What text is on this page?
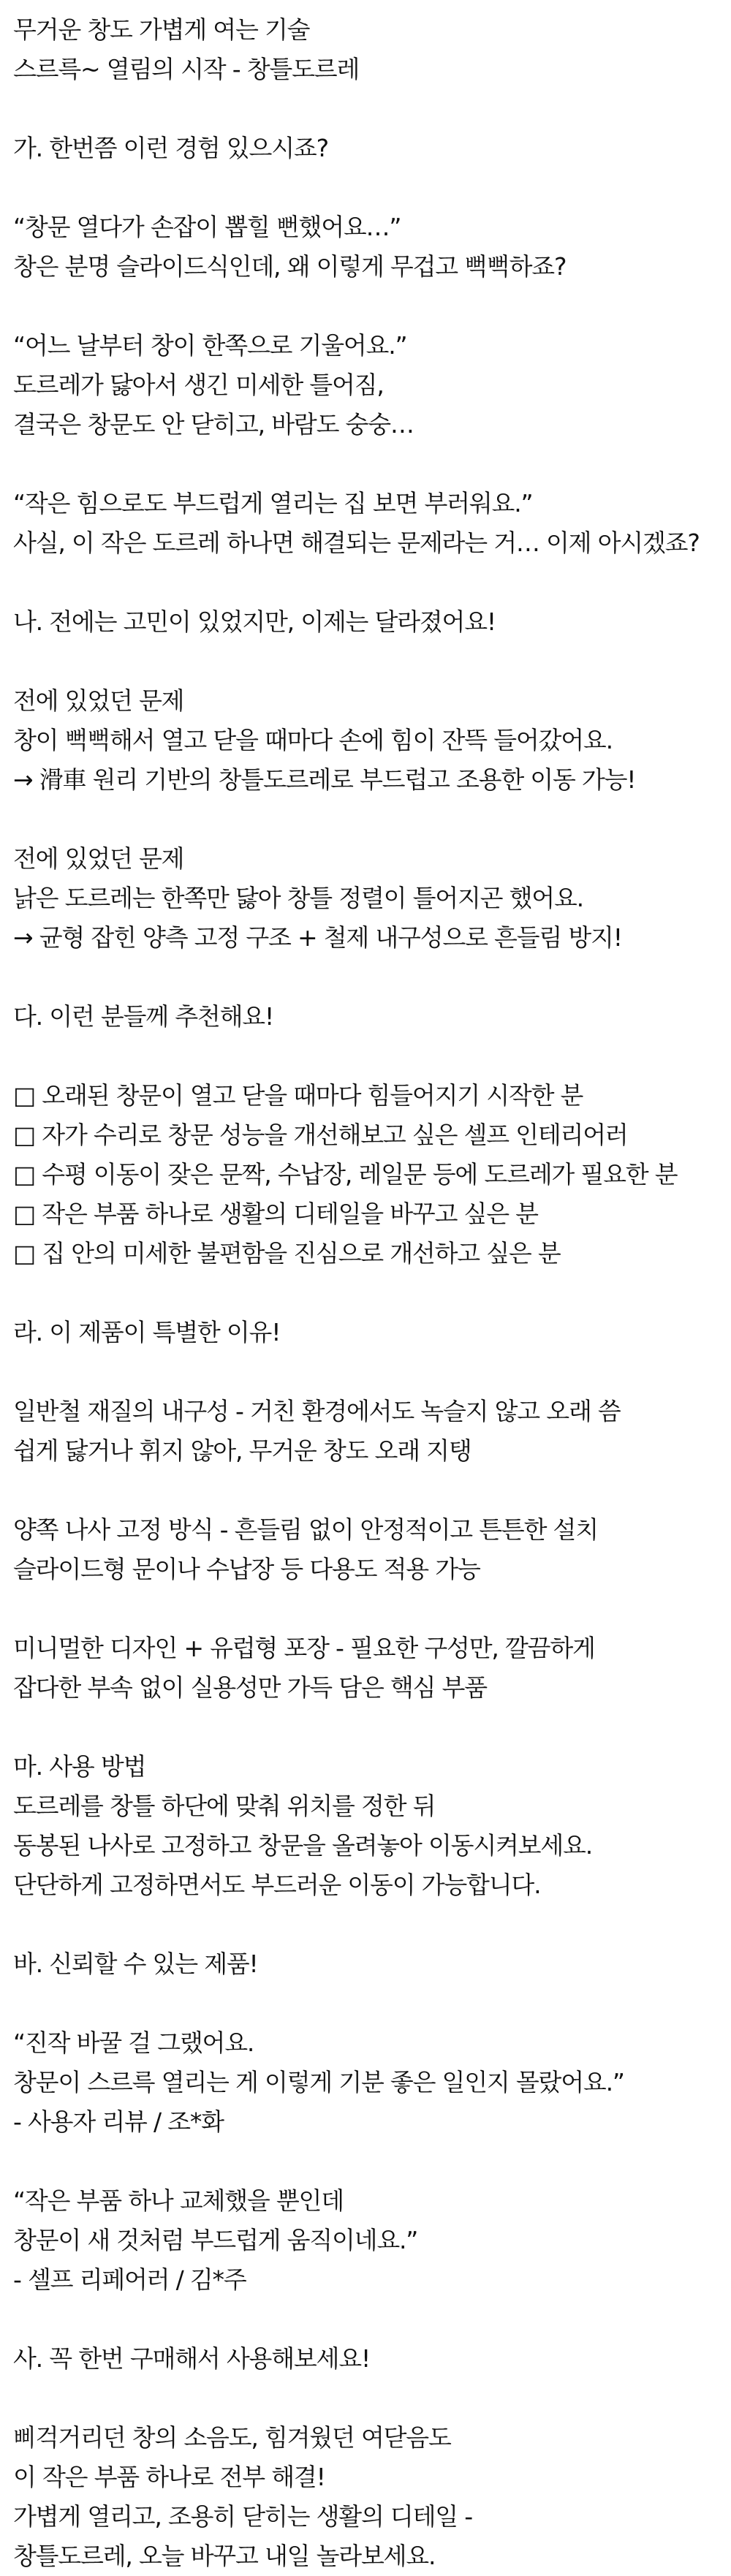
무거운 창도 가볍게 여는 기술
스르륵~ 열림의 시작 - 창틀도르레
가. 한번쯤 이런 경험 있으시죠?
“창문 열다가 손잡이 뽑힐 뻔했어요…”
창은 분명 슬라이드식인데, 왜 이렇게 무겁고 뻑뻑하죠?
“어느 날부터 창이 한쪽으로 기울어요.”
도르레가 닳아서 생긴 미세한 틀어짐,
결국은 창문도 안 닫히고, 바람도 숭숭…
“작은 힘으로도 부드럽게 열리는 집 보면 부러워요.”
사실, 이 작은 도르레 하나면 해결되는 문제라는 거… 이제 아시겠죠?
나. 전에는 고민이 있었지만, 이제는 달라졌어요!
전에 있었던 문제
창이 뻑뻑해서 열고 닫을 때마다 손에 힘이 잔뜩 들어갔어요.
→ 滑車 원리 기반의 창틀도르레로 부드럽고 조용한 이동 가능!
전에 있었던 문제
낡은 도르레는 한쪽만 닳아 창틀 정렬이 틀어지곤 했어요.
→ 균형 잡힌 양측 고정 구조 + 철제 내구성으로 흔들림 방지!
다. 이런 분들께 추천해요!
□ 오래된 창문이 열고 닫을 때마다 힘들어지기 시작한 분
□ 자가 수리로 창문 성능을 개선해보고 싶은 셀프 인테리어러
□ 수평 이동이 잦은 문짝, 수납장, 레일문 등에 도르레가 필요한 분
□ 작은 부품 하나로 생활의 디테일을 바꾸고 싶은 분
□ 집 안의 미세한 불편함을 진심으로 개선하고 싶은 분
라. 이 제품이 특별한 이유!
일반철 재질의 내구성 - 거친 환경에서도 녹슬지 않고 오래 씀
쉽게 닳거나 휘지 않아, 무거운 창도 오래 지탱
양쪽 나사 고정 방식 - 흔들림 없이 안정적이고 튼튼한 설치
슬라이드형 문이나 수납장 등 다용도 적용 가능
미니멀한 디자인 + 유럽형 포장 - 필요한 구성만, 깔끔하게
잡다한 부속 없이 실용성만 가득 담은 핵심 부품
마. 사용 방법
도르레를 창틀 하단에 맞춰 위치를 정한 뒤
동봉된 나사로 고정하고 창문을 올려놓아 이동시켜보세요.
단단하게 고정하면서도 부드러운 이동이 가능합니다.
바. 신뢰할 수 있는 제품!
“진작 바꿀 걸 그랬어요.
창문이 스르륵 열리는 게 이렇게 기분 좋은 일인지 몰랐어요.”
- 사용자 리뷰 / 조*화
“작은 부품 하나 교체했을 뿐인데
창문이 새 것처럼 부드럽게 움직이네요.”
- 셀프 리페어러 / 김*주
사. 꼭 한번 구매해서 사용해보세요!
삐걱거리던 창의 소음도, 힘겨웠던 여닫음도
이 작은 부품 하나로 전부 해결!
가볍게 열리고, 조용히 닫히는 생활의 디테일 -
창틀도르레, 오늘 바꾸고 내일 놀라보세요.
